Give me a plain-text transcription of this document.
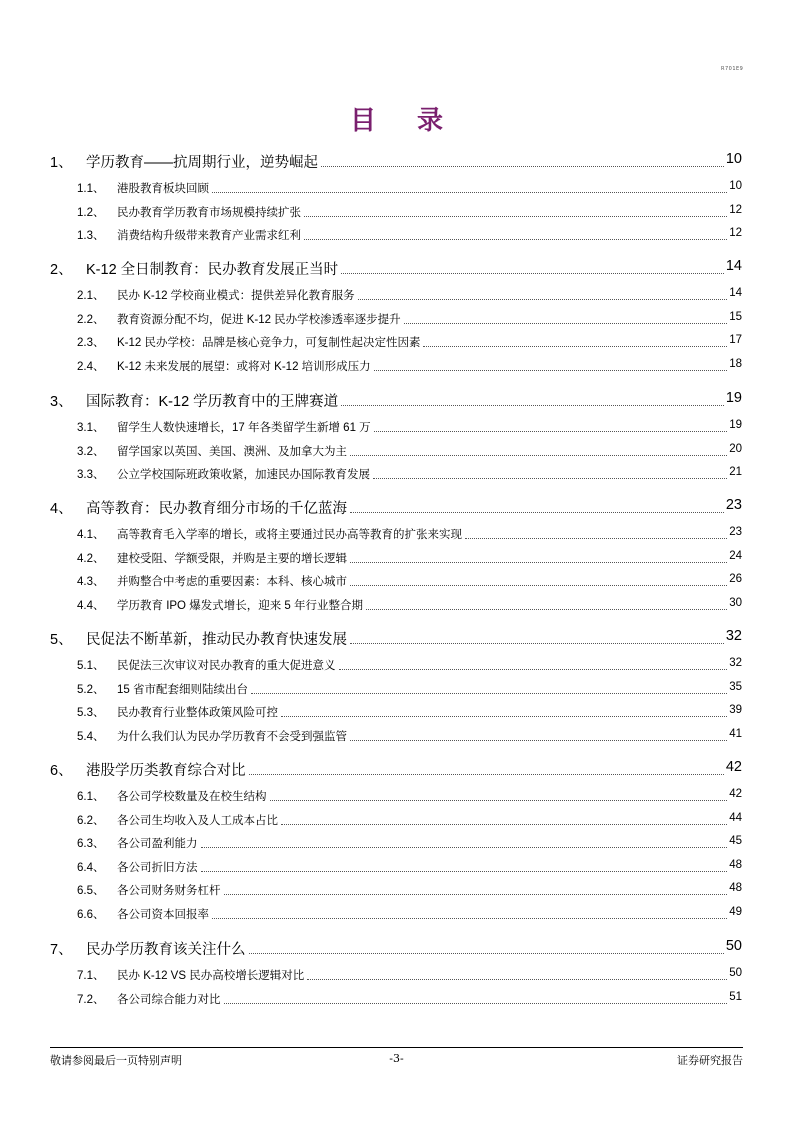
R701E9
目 录
1、 学历教育——抗周期行业，逆势崛起	10
1.1、 港股教育板块回顾	10
1.2、 民办教育学历教育市场规模持续扩张	12
1.3、 消费结构升级带来教育产业需求红利	12
2、 K-12 全日制教育：民办教育发展正当时	14
2.1、 民办 K-12 学校商业模式：提供差异化教育服务	14
2.2、 教育资源分配不均，促进 K-12 民办学校渗透率逐步提升	15
2.3、 K-12 民办学校：品牌是核心竞争力，可复制性起决定性因素	17
2.4、 K-12 未来发展的展望：或将对 K-12 培训形成压力	18
3、 国际教育：K-12 学历教育中的王牌赛道	19
3.1、 留学生人数快速增长，17 年各类留学生新增 61 万	19
3.2、 留学国家以英国、美国、澳洲、及加拿大为主	20
3.3、 公立学校国际班政策收紧，加速民办国际教育发展	21
4、 高等教育：民办教育细分市场的千亿蓝海	23
4.1、 高等教育毛入学率的增长，或将主要通过民办高等教育的扩张来实现	23
4.2、 建校受阻、学额受限，并购是主要的增长逻辑	24
4.3、 并购整合中考虑的重要因素：本科、核心城市	26
4.4、 学历教育 IPO 爆发式增长，迎来 5 年行业整合期	30
5、 民促法不断革新，推动民办教育快速发展	32
5.1、 民促法三次审议对民办教育的重大促进意义	32
5.2、 15 省市配套细则陆续出台	35
5.3、 民办教育行业整体政策风险可控	39
5.4、 为什么我们认为民办学历教育不会受到强监管	41
6、 港股学历类教育综合对比	42
6.1、 各公司学校数量及在校生结构	42
6.2、 各公司生均收入及人工成本占比	44
6.3、 各公司盈利能力	45
6.4、 各公司折旧方法	48
6.5、 各公司财务财务杠杆	48
6.6、 各公司资本回报率	49
7、 民办学历教育该关注什么	50
7.1、 民办 K-12 VS 民办高校增长逻辑对比	50
7.2、 各公司综合能力对比	51
敬请参阅最后一页特别声明	-3-	证券研究报告
